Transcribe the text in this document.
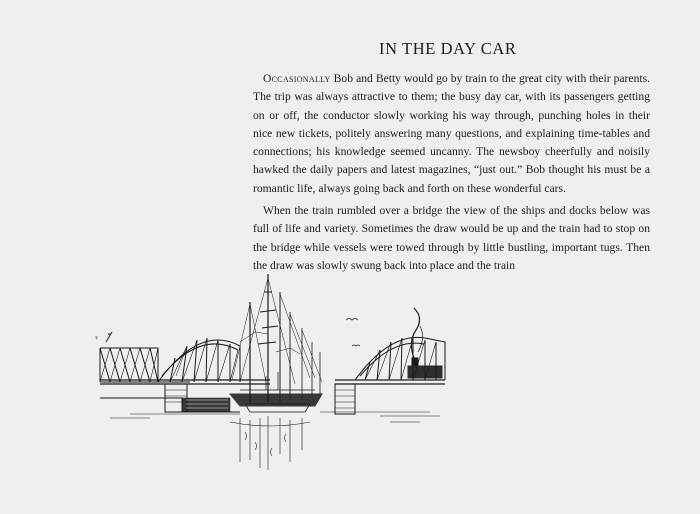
IN THE DAY CAR

Occasionally Bob and Betty would go by train to the great city with their parents. The trip was always attractive to them; the busy day car, with its passengers getting on or off, the conductor slowly working his way through, punching holes in their nice new tickets, politely answering many questions, and explaining time-tables and connections; his knowledge seemed uncanny. The newsboy cheerfully and noisily hawked the daily papers and latest magazines, “just out.” Bob thought his must be a romantic life, always going back and forth on these wonderful cars.

When the train rumbled over a bridge the view of the ships and docks below was full of life and variety. Sometimes the draw would be up and the train had to stop on the bridge while vessels were towed through by little bustling, important tugs. Then the draw was slowly swung back into place and the train

♀
